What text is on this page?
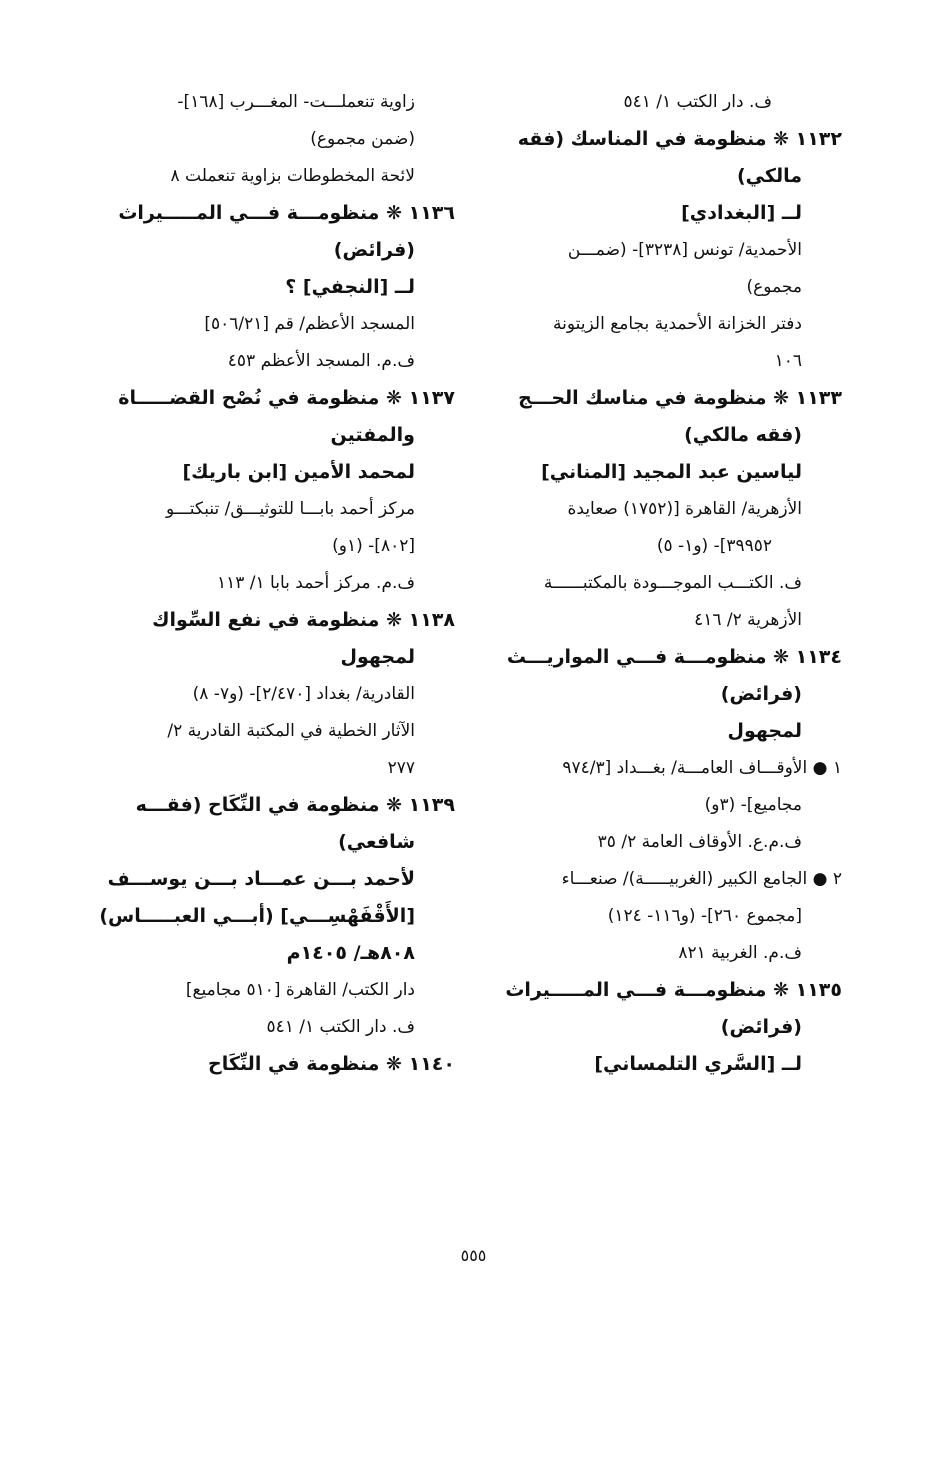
ف. دار الكتب ١/ ٥٤١
١١٣٢ ❋ منظومة في المناسك (فقه
مالكي)
لــ [البغدادي]
الأحمدية/ تونس [٣٢٣٨]- (ضمـــن
مجموع)
دفتر الخزانة الأحمدية بجامع الزيتونة
١٠٦
١١٣٣ ❋ منظومة في مناسك الحـــج
(فقه مالكي)
لياسين عبد المجيد [المناني]
الأزهرية/ القاهرة [(١٧٥٢) صعايدة
٣٩٩٥٢]- (و١- ٥)
ف. الكتـــب الموجـــودة بالمكتبــــــة
الأزهرية ٢/ ٤١٦
١١٣٤ ❋ منظومـــة فـــي المواريـــث
(فرائض)
لمجهول
١ ● الأوقـــاف العامـــة/ بغـــداد [٩٧٤/٣
مجاميع]- (٣و)
ف.م.ع. الأوقاف العامة ٢/ ٣٥
٢ ● الجامع الكبير (الغربيـــــة)/ صنعـــاء
[مجموع ٢٦٠]- (و١١٦- ١٢٤)
ف.م. الغربية ٨٢١
١١٣٥ ❋ منظومـــة فـــي المـــــيراث
(فرائض)
لــ [السَّري التلمساني]
زاوية تنعملـــت- المغـــرب [١٦٨]-
(ضمن مجموع)
لائحة المخطوطات بزاوية تنعملت ٨
١١٣٦ ❋ منظومـــة فـــي المـــــيراث
(فرائض)
لــ [النجفي] ؟
المسجد الأعظم/ قم [٥٠٦/٢١]
ف.م. المسجد الأعظم ٤٥٣
١١٣٧ ❋ منظومة في نُصْح القضـــــاة
والمفتين
لمحمد الأمين [ابن باريك]
مركز أحمد بابـــا للتوثيـــق/ تنبكتـــو
[٨٠٢]- (١و)
ف.م. مركز أحمد بابا ١/ ١١٣
١١٣٨ ❋ منظومة في نفع السِّواك
لمجهول
القادرية/ بغداد [٢/٤٧٠]- (و٧- ٨)
الآثار الخطية في المكتبة القادرية ٢/
٢٧٧
١١٣٩ ❋ منظومة في النِّكَاح (فقـــه
شافعي)
لأحمد بـــن عمـــاد بـــن يوســـف
[الأَقْفَهْسِـــي] (أبـــي العبـــــاس)
٨٠٨هـ/ ١٤٠٥م
دار الكتب/ القاهرة [٥١٠ مجاميع]
ف. دار الكتب ١/ ٥٤١
١١٤٠ ❋ منظومة في النِّكَاح
٥٥٥
